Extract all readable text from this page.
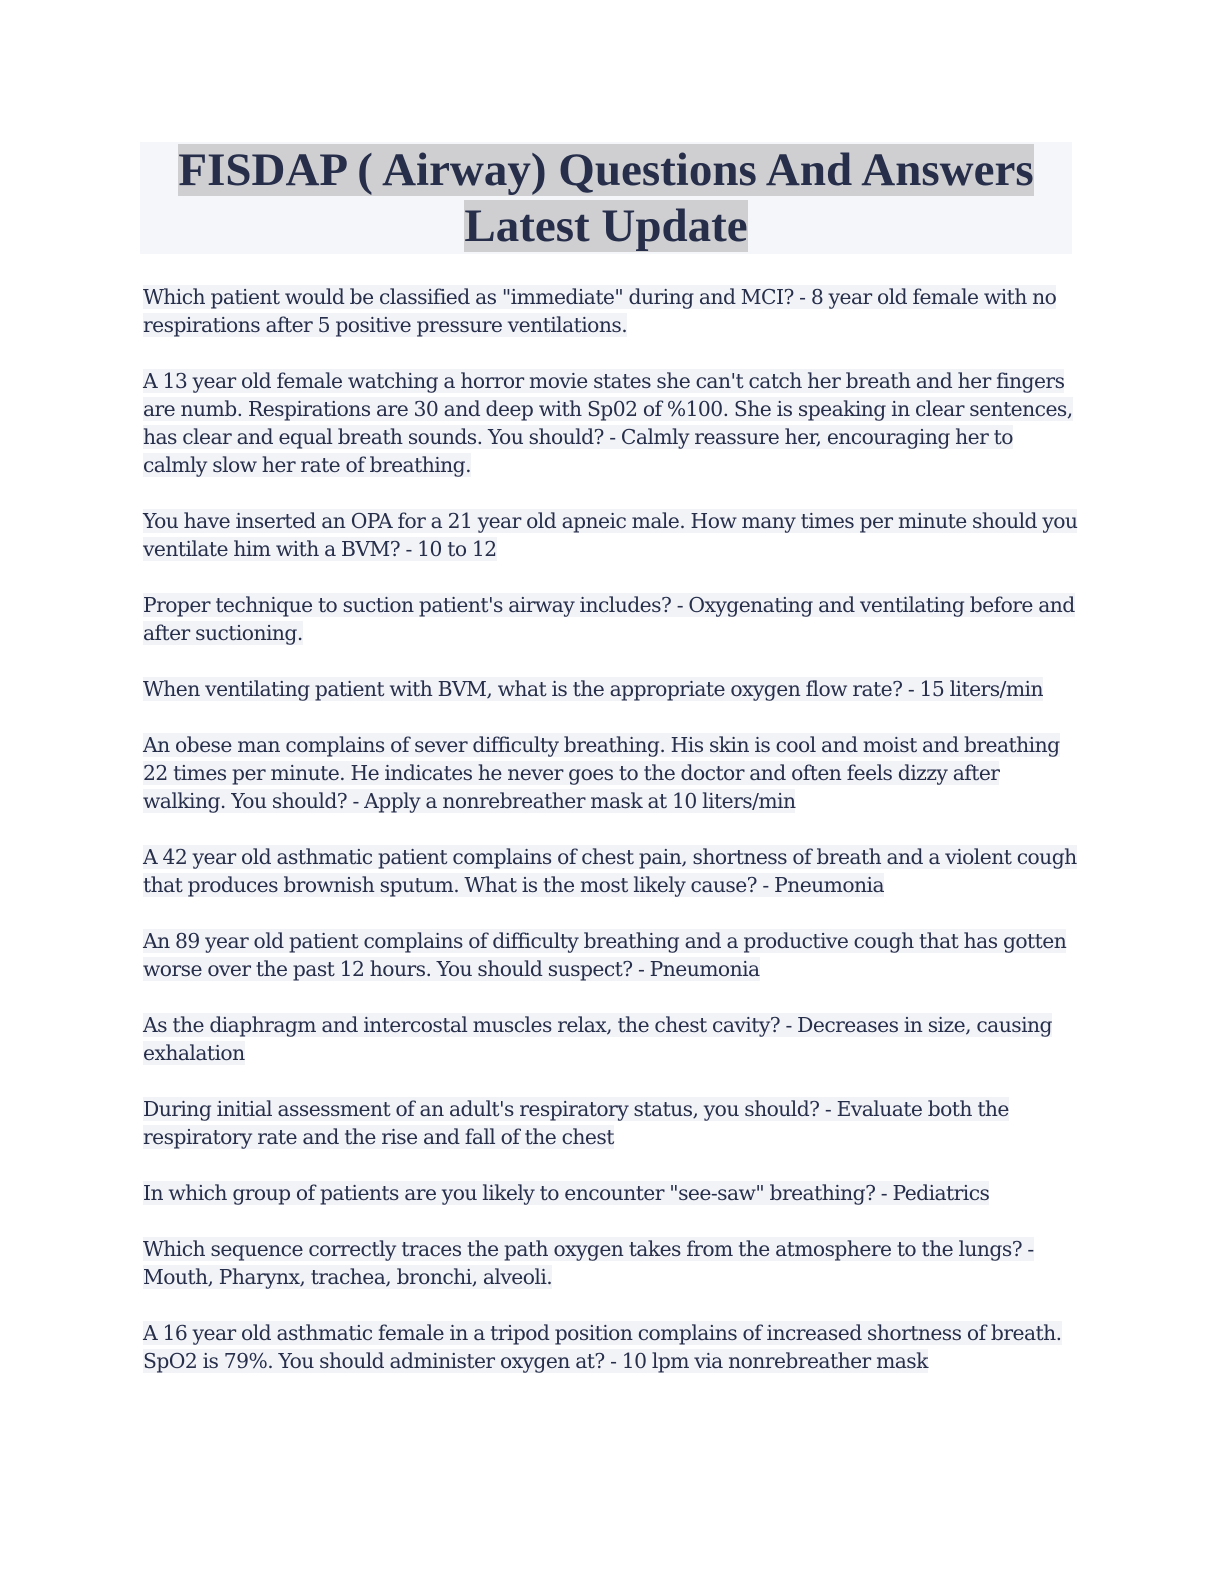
FISDAP ( Airway) Questions And Answers Latest Update

Which patient would be classified as "immediate" during and MCI? - 8 year old female with no respirations after 5 positive pressure ventilations.

A 13 year old female watching a horror movie states she can't catch her breath and her fingers are numb. Respirations are 30 and deep with Sp02 of %100. She is speaking in clear sentences, has clear and equal breath sounds. You should? - Calmly reassure her, encouraging her to calmly slow her rate of breathing.

You have inserted an OPA for a 21 year old apneic male. How many times per minute should you ventilate him with a BVM? - 10 to 12

Proper technique to suction patient's airway includes? - Oxygenating and ventilating before and after suctioning.

When ventilating patient with BVM, what is the appropriate oxygen flow rate? - 15 liters/min

An obese man complains of sever difficulty breathing. His skin is cool and moist and breathing 22 times per minute. He indicates he never goes to the doctor and often feels dizzy after walking. You should? - Apply a nonrebreather mask at 10 liters/min

A 42 year old asthmatic patient complains of chest pain, shortness of breath and a violent cough that produces brownish sputum. What is the most likely cause? - Pneumonia

An 89 year old patient complains of difficulty breathing and a productive cough that has gotten worse over the past 12 hours. You should suspect? - Pneumonia

As the diaphragm and intercostal muscles relax, the chest cavity? - Decreases in size, causing exhalation

During initial assessment of an adult's respiratory status, you should? - Evaluate both the respiratory rate and the rise and fall of the chest

In which group of patients are you likely to encounter "see-saw" breathing? - Pediatrics

Which sequence correctly traces the path oxygen takes from the atmosphere to the lungs? - Mouth, Pharynx, trachea, bronchi, alveoli.

A 16 year old asthmatic female in a tripod position complains of increased shortness of breath. SpO2 is 79%. You should administer oxygen at? - 10 lpm via nonrebreather mask
